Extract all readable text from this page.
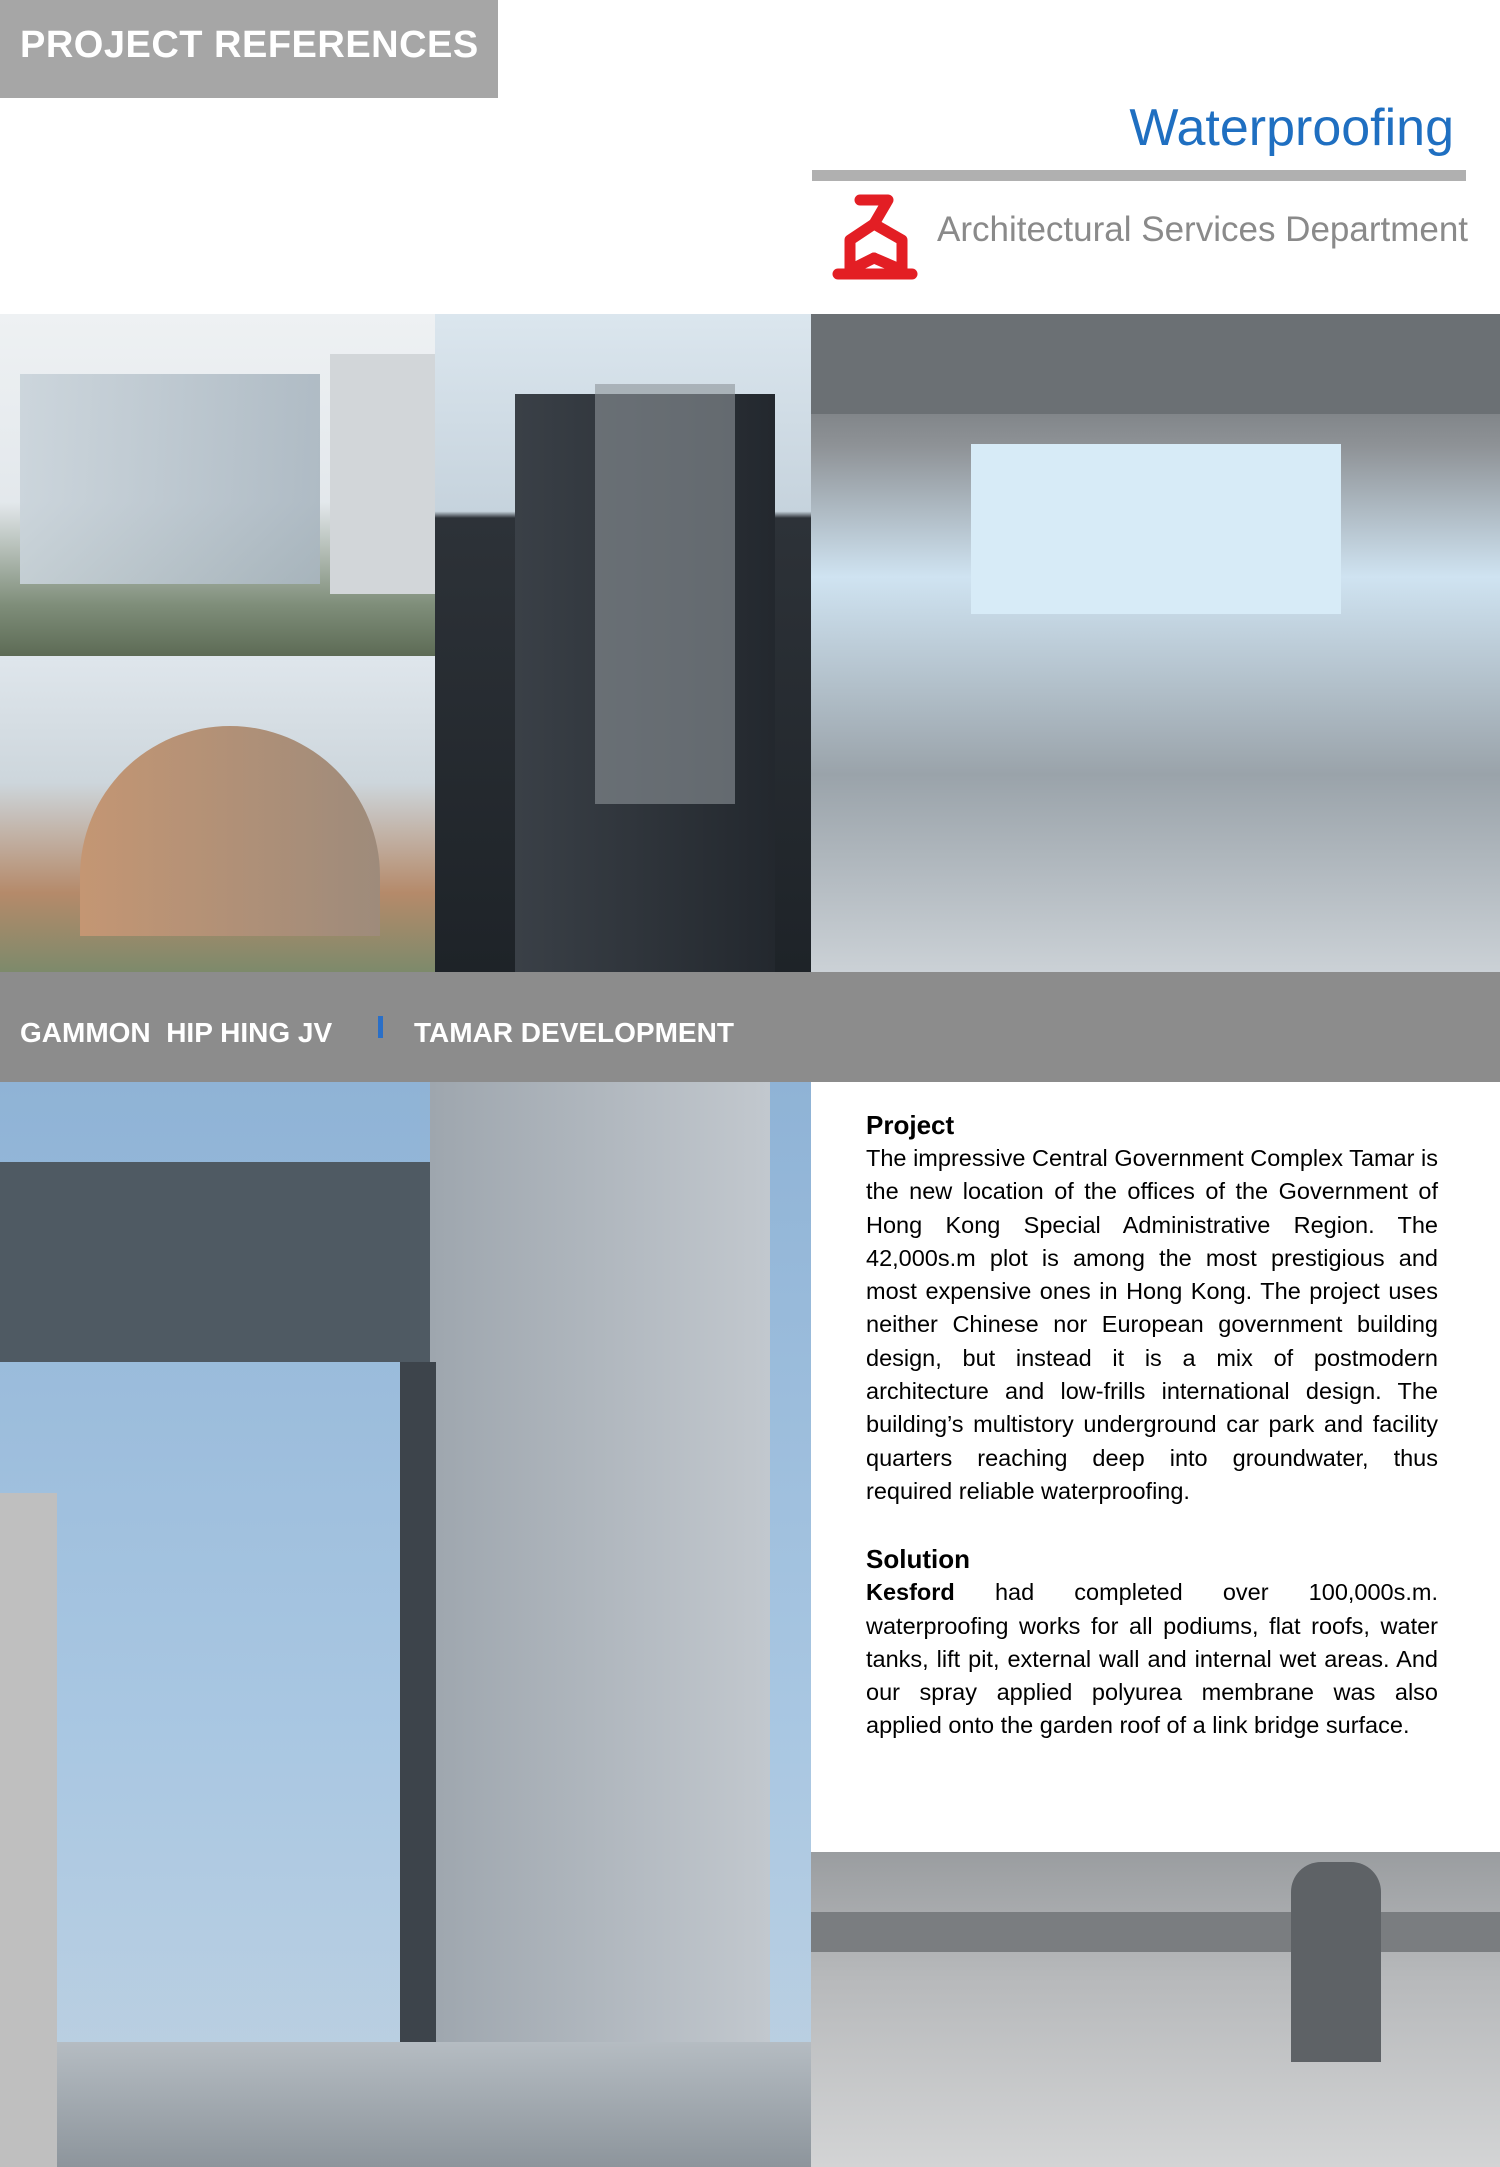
PROJECT REFERENCES
Waterproofing
Architectural Services Department
GAMMON  HIP HING JV	TAMAR DEVELOPMENT

Project

The impressive Central Government Complex Tamar is the new location of the offices of the Government of Hong Kong Special Administrative Region. The 42,000s.m plot is among the most prestigious and most expensive ones in Hong Kong. The project uses neither Chinese nor European government building design, but instead it is a mix of postmodern architecture and low-frills international design. The building’s multistory underground car park and facility quarters reaching deep into groundwater, thus required reliable waterproofing.

Solution

Kesford had completed over 100,000s.m. waterproofing works for all podiums, flat roofs, water tanks, lift pit, external wall and internal wet areas. And our spray applied polyurea membrane was also applied onto the garden roof of a link bridge surface.
